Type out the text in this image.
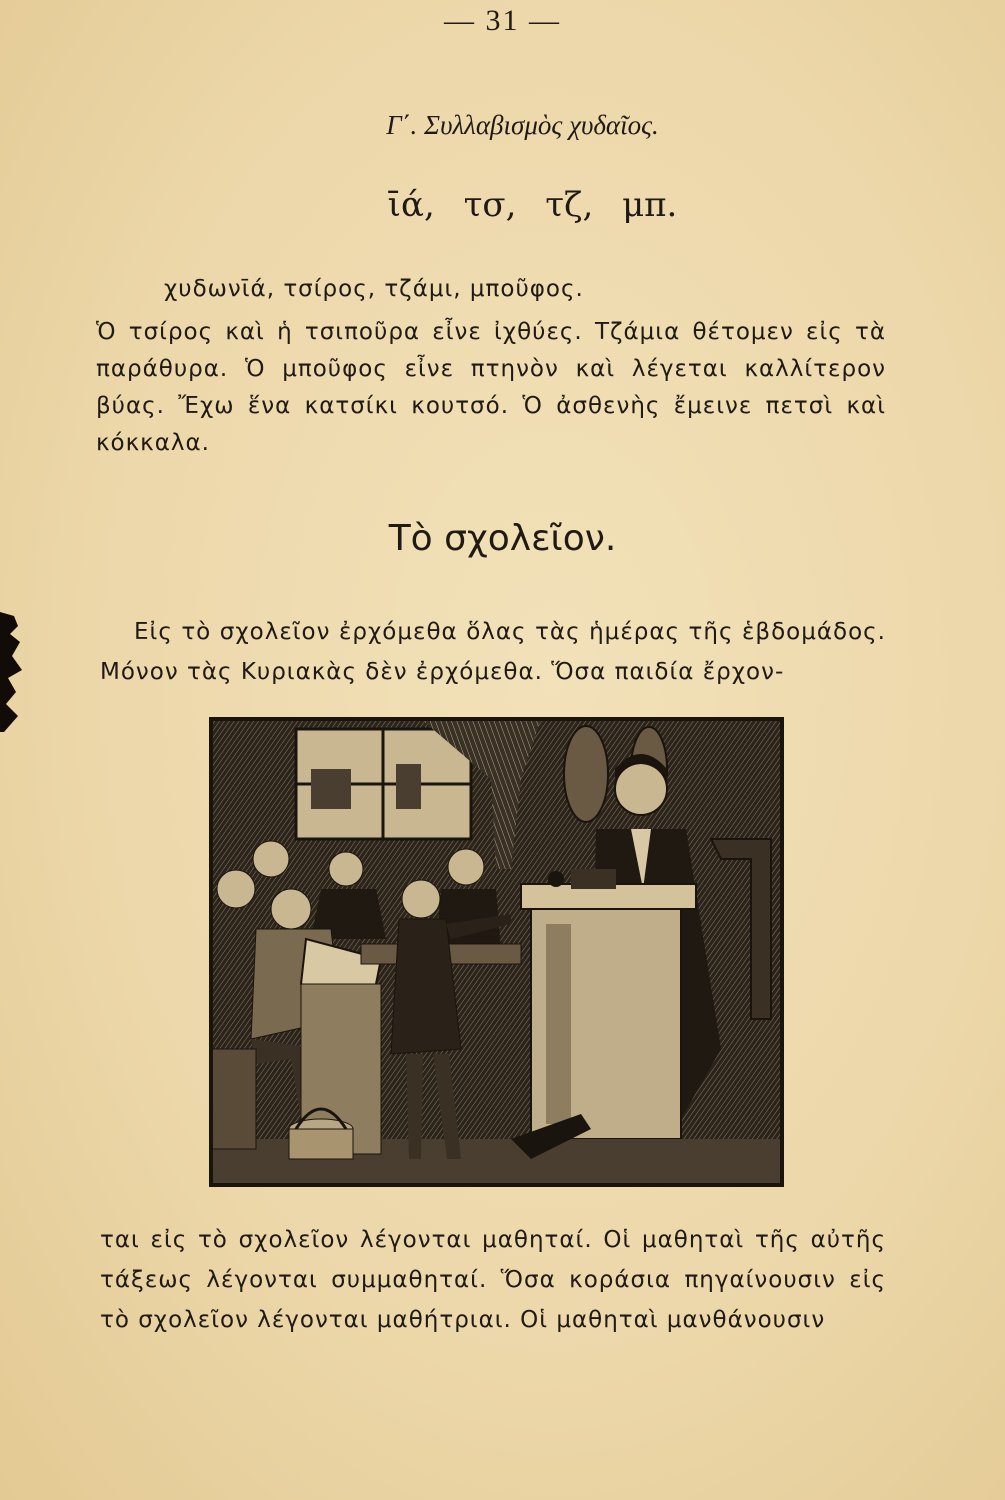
— 31 —
Γ΄. Συλλαβισμὸς χυδαῖος.
ῑά, τσ, τζ, μπ.
χυδωνῑά, τσίρος, τζάμι, μποῦφος.
Ὁ τσίρος καὶ ἡ τσιποῦρα εἶνε ἰχθύες. Τζάμια θέτομεν εἰς τὰ παράθυρα. Ὁ μποῦφος εἶνε πτηνὸν καὶ λέγεται καλλίτερον βύας. Ἔχω ἕνα κατσίκι κουτσό. Ὁ ἀσθενὴς ἔμεινε πετσὶ καὶ κόκκαλα.
Τὸ σχολεῖον.
Εἰς τὸ σχολεῖον ἐρχόμεθα ὅλας τὰς ἡμέρας τῆς ἑβδομάδος. Μόνον τὰς Κυριακὰς δὲν ἐρχόμεθα. Ὅσα παιδία ἔρχον-
ται εἰς τὸ σχολεῖον λέγονται μαθηταί. Οἱ μαθηταὶ τῆς αὐτῆς τάξεως λέγονται συμμαθηταί. Ὅσα κοράσια πηγαίνουσιν εἰς τὸ σχολεῖον λέγονται μαθήτριαι. Οἱ μαθηταὶ μανθάνουσιν
